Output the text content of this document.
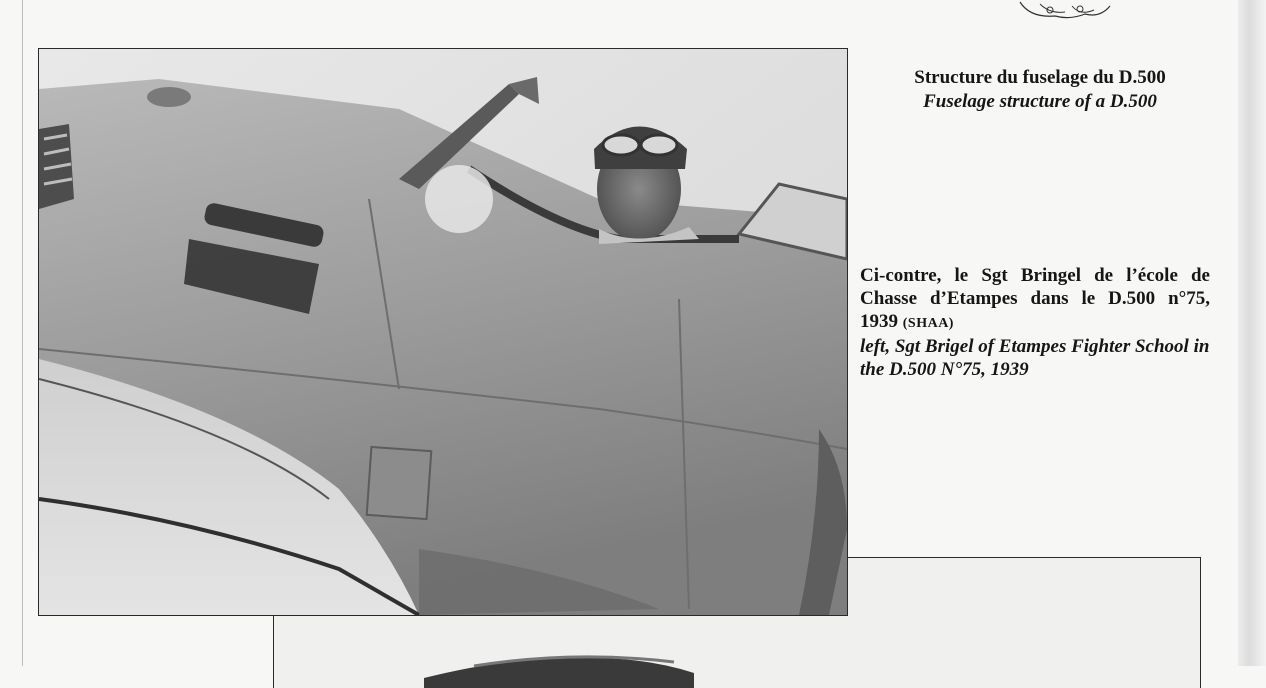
Structure du fuselage du D.500
Fuselage structure of a D.500
Ci-contre, le Sgt Bringel de l’école de Chasse d’Etampes dans le D.500 n°75, 1939 (SHAA)
left, Sgt Brigel of Etampes Fighter School in the D.500 N°75, 1939
